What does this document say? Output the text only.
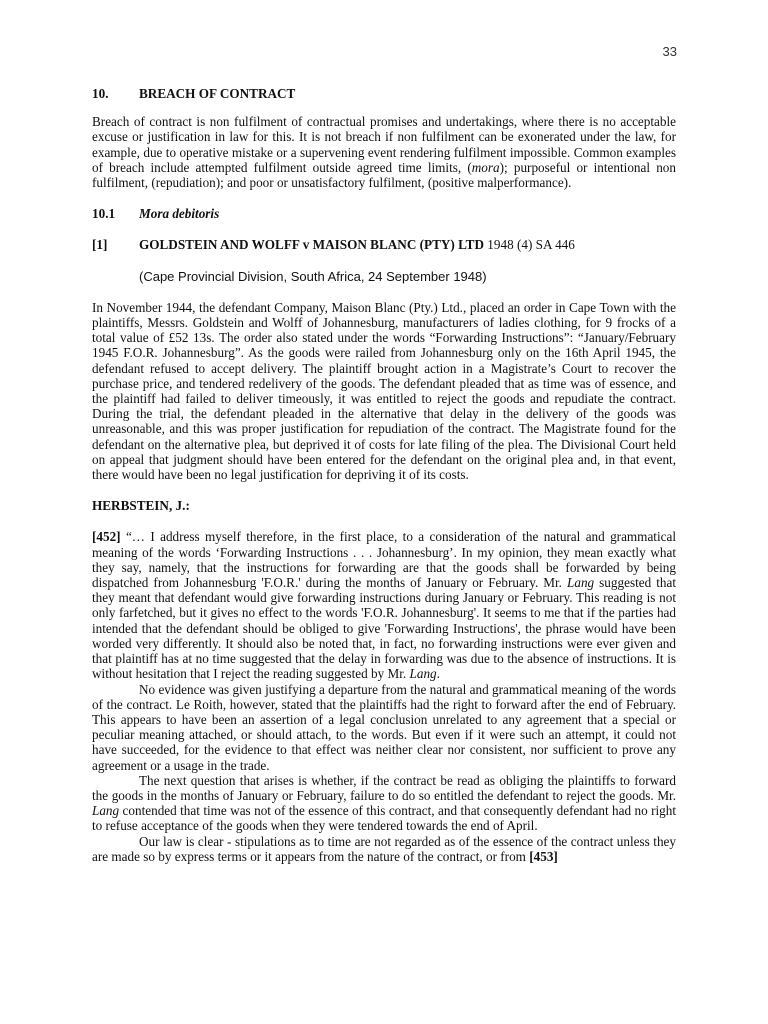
33

10. BREACH OF CONTRACT

Breach of contract is non fulfilment of contractual promises and undertakings, where there is no acceptable excuse or justification in law for this. It is not breach if non fulfilment can be exonerated under the law, for example, due to operative mistake or a supervening event rendering fulfilment impossible. Common examples of breach include attempted fulfilment outside agreed time limits, (mora); purposeful or intentional non fulfilment, (repudiation); and poor or unsatisfactory fulfilment, (positive malperformance).

10.1 Mora debitoris

[1] GOLDSTEIN AND WOLFF v MAISON BLANC (PTY) LTD 1948 (4) SA 446

(Cape Provincial Division, South Africa, 24 September 1948)

In November 1944, the defendant Company, Maison Blanc (Pty.) Ltd., placed an order in Cape Town with the plaintiffs, Messrs. Goldstein and Wolff of Johannesburg, manufacturers of ladies clothing, for 9 frocks of a total value of £52 13s. The order also stated under the words “Forwarding Instructions”: “January/February 1945 F.O.R. Johannesburg”. As the goods were railed from Johannesburg only on the 16th April 1945, the defendant refused to accept delivery. The plaintiff brought action in a Magistrate’s Court to recover the purchase price, and tendered redelivery of the goods. The defendant pleaded that as time was of essence, and the plaintiff had failed to deliver timeously, it was entitled to reject the goods and repudiate the contract. During the trial, the defendant pleaded in the alternative that delay in the delivery of the goods was unreasonable, and this was proper justification for repudiation of the contract. The Magistrate found for the defendant on the alternative plea, but deprived it of costs for late filing of the plea. The Divisional Court held on appeal that judgment should have been entered for the defendant on the original plea and, in that event, there would have been no legal justification for depriving it of its costs.

HERBSTEIN, J.:

[452] “… I address myself therefore, in the first place, to a consideration of the natural and grammatical meaning of the words ‘Forwarding Instructions . . . Johannesburg’. In my opinion, they mean exactly what they say, namely, that the instructions for forwarding are that the goods shall be forwarded by being dispatched from Johannesburg 'F.O.R.' during the months of January or February. Mr. Lang suggested that they meant that defendant would give forwarding instructions during January or February. This reading is not only farfetched, but it gives no effect to the words 'F.O.R. Johannesburg'. It seems to me that if the parties had intended that the defendant should be obliged to give 'Forwarding Instructions', the phrase would have been worded very differently. It should also be noted that, in fact, no forwarding instructions were ever given and that plaintiff has at no time suggested that the delay in forwarding was due to the absence of instructions. It is without hesitation that I reject the reading suggested by Mr. Lang.

No evidence was given justifying a departure from the natural and grammatical meaning of the words of the contract. Le Roith, however, stated that the plaintiffs had the right to forward after the end of February. This appears to have been an assertion of a legal conclusion unrelated to any agreement that a special or peculiar meaning attached, or should attach, to the words. But even if it were such an attempt, it could not have succeeded, for the evidence to that effect was neither clear nor consistent, nor sufficient to prove any agreement or a usage in the trade.

The next question that arises is whether, if the contract be read as obliging the plaintiffs to forward the goods in the months of January or February, failure to do so entitled the defendant to reject the goods. Mr. Lang contended that time was not of the essence of this contract, and that consequently defendant had no right to refuse acceptance of the goods when they were tendered towards the end of April.

Our law is clear - stipulations as to time are not regarded as of the essence of the contract unless they are made so by express terms or it appears from the nature of the contract, or from [453]
